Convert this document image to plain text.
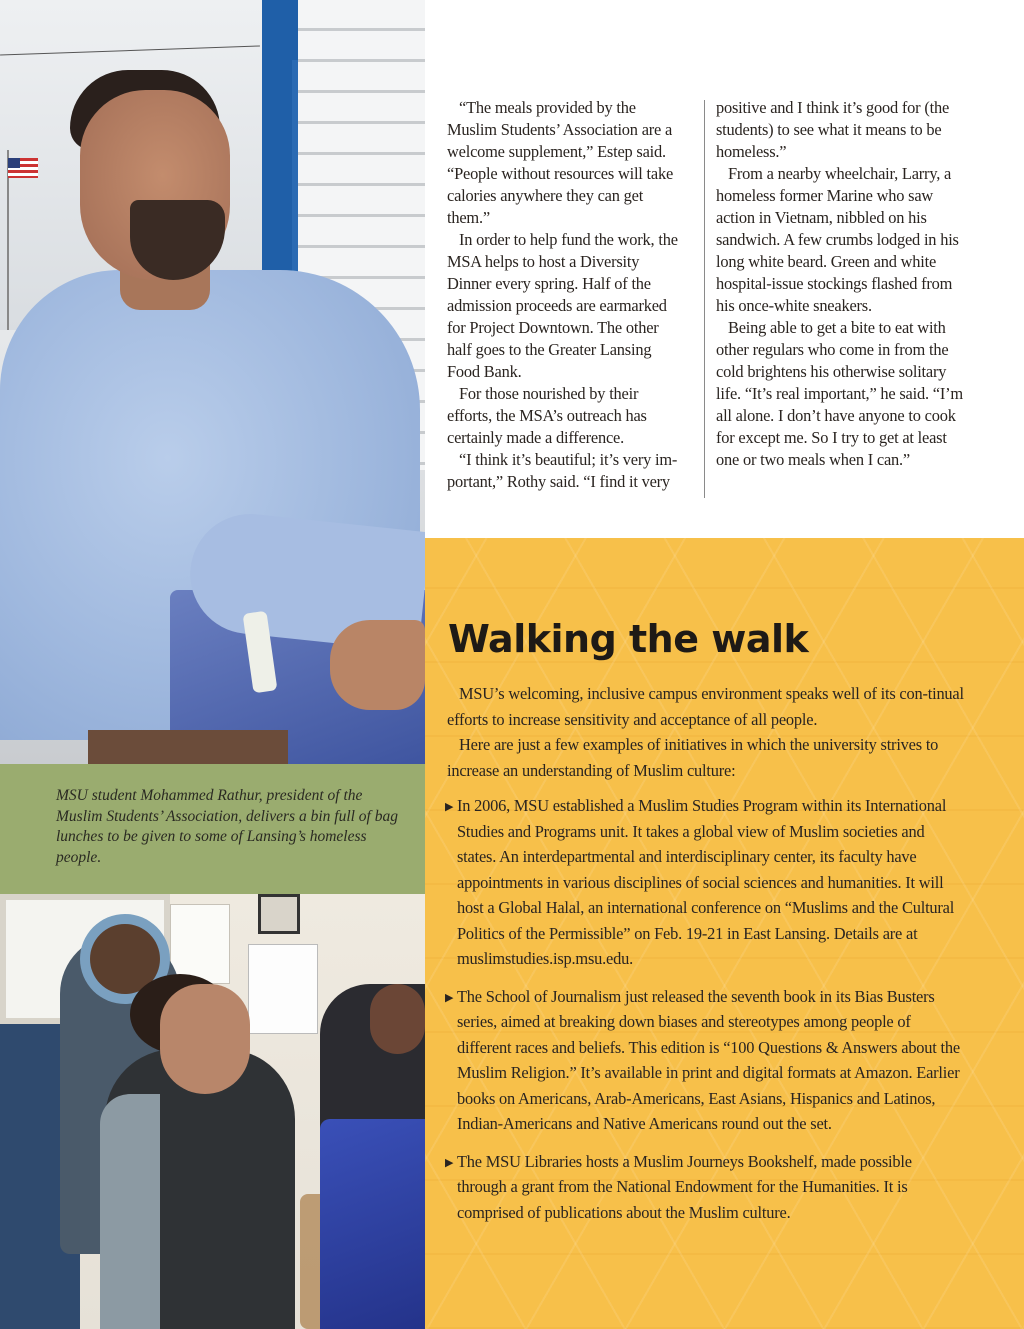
MSU student Mohammed Rathur, president of the Muslim Students’ Association, delivers a bin full of bag lunches to be given to some of Lansing’s homeless people.

“The meals provided by the Muslim Students’ Association are a welcome supplement,” Estep said. “People without resources will take calories anywhere they can get them.”

In order to help fund the work, the MSA helps to host a Diversity Dinner every spring. Half of the admission proceeds are earmarked for Project Downtown. The other half goes to the Greater Lansing Food Bank.

For those nourished by their efforts, the MSA’s outreach has certainly made a difference.

“I think it’s beautiful; it’s very im-portant,” Rothy said. “I find it very

positive and I think it’s good for (the students) to see what it means to be homeless.”

From a nearby wheelchair, Larry, a homeless former Marine who saw action in Vietnam, nibbled on his sandwich. A few crumbs lodged in his long white beard. Green and white hospital-issue stockings flashed from his once-white sneakers.

Being able to get a bite to eat with other regulars who come in from the cold brightens his otherwise solitary life. “It’s real important,” he said. “I’m all alone. I don’t have anyone to cook for except me. So I try to get at least one or two meals when I can.”

Walking the walk

MSU’s welcoming, inclusive campus environment speaks well of its con-tinual efforts to increase sensitivity and acceptance of all people.

Here are just a few examples of initiatives in which the university strives to increase an understanding of Muslim culture:

▶ In 2006, MSU established a Muslim Studies Program within its International Studies and Programs unit. It takes a global view of Muslim societies and states. An interdepartmental and interdisciplinary center, its faculty have appointments in various disciplines of social sciences and humanities. It will host a Global Halal, an international conference on “Muslims and the Cultural Politics of the Permissible” on Feb. 19-21 in East Lansing. Details are at muslimstudies.isp.msu.edu.
▶ The School of Journalism just released the seventh book in its Bias Busters series, aimed at breaking down biases and stereotypes among people of different races and beliefs. This edition is “100 Questions & Answers about the Muslim Religion.” It’s available in print and digital formats at Amazon. Earlier books on Americans, Arab-Americans, East Asians, Hispanics and Latinos, Indian-Americans and Native Americans round out the set.
▶ The MSU Libraries hosts a Muslim Journeys Bookshelf, made possible through a grant from the National Endowment for the Humanities. It is comprised of publications about the Muslim culture.
